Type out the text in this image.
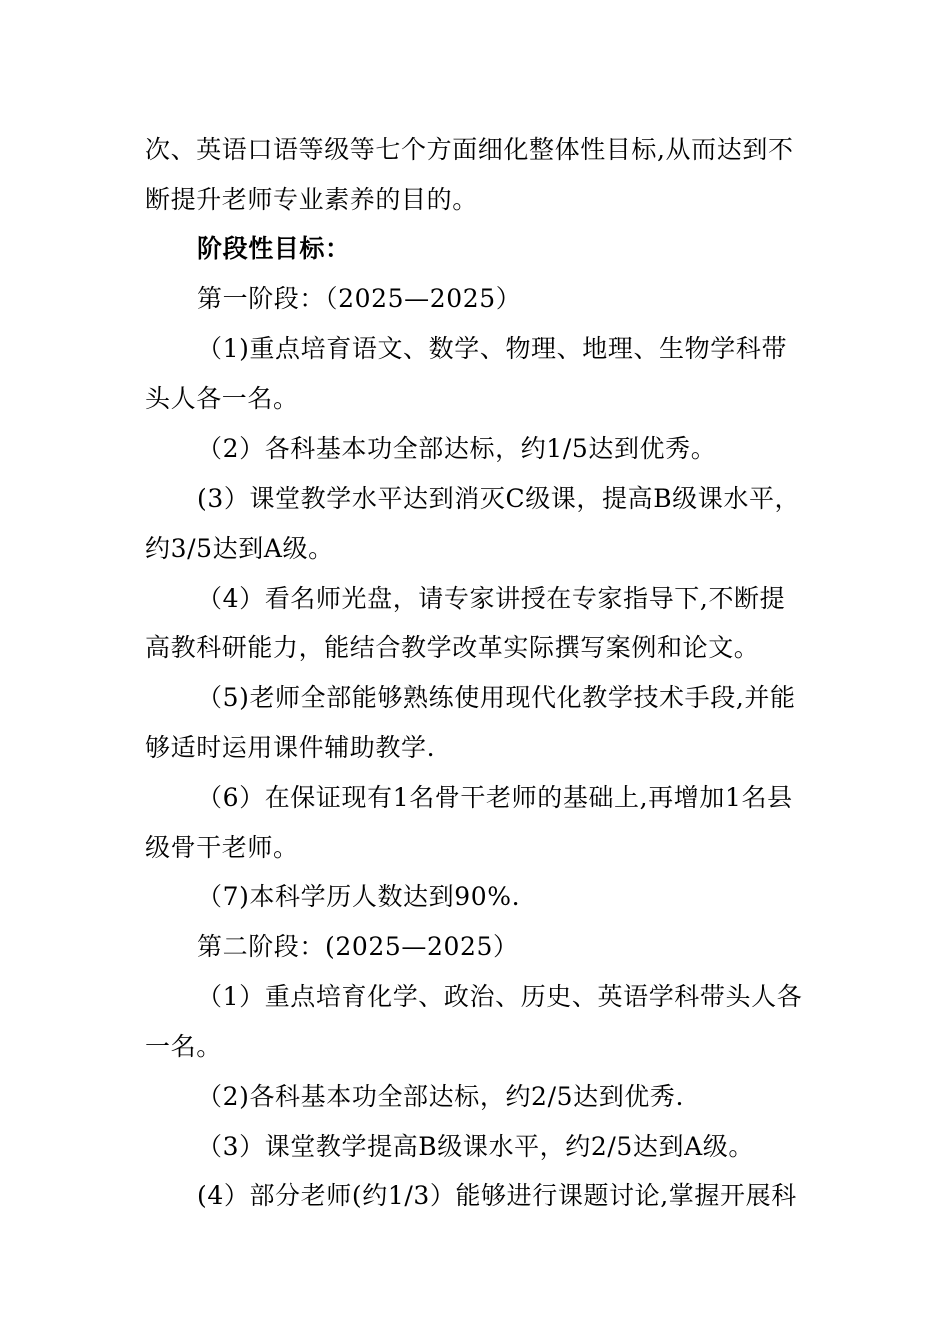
次、英语口语等级等七个方面细化整体性目标,从而达到不
断提升老师专业素养的目的。
阶段性目标：
第一阶段：（2025—2025）
（1)重点培育语文、数学、物理、地理、生物学科带
头人各一名。
（2）各科基本功全部达标，约1/5达到优秀。
(3）课堂教学水平达到消灭C级课，提高B级课水平，
约3/5达到A级。
（4）看名师光盘，请专家讲授在专家指导下,不断提
高教科研能力，能结合教学改革实际撰写案例和论文。
（5)老师全部能够熟练使用现代化教学技术手段,并能
够适时运用课件辅助教学.
（6）在保证现有1名骨干老师的基础上,再增加1名县
级骨干老师。
（7)本科学历人数达到90%.
第二阶段：(2025—2025）
（1）重点培育化学、政治、历史、英语学科带头人各
一名。
（2)各科基本功全部达标，约2/5达到优秀.
（3）课堂教学提高B级课水平，约2/5达到A级。
(4）部分老师(约1/3）能够进行课题讨论,掌握开展科
